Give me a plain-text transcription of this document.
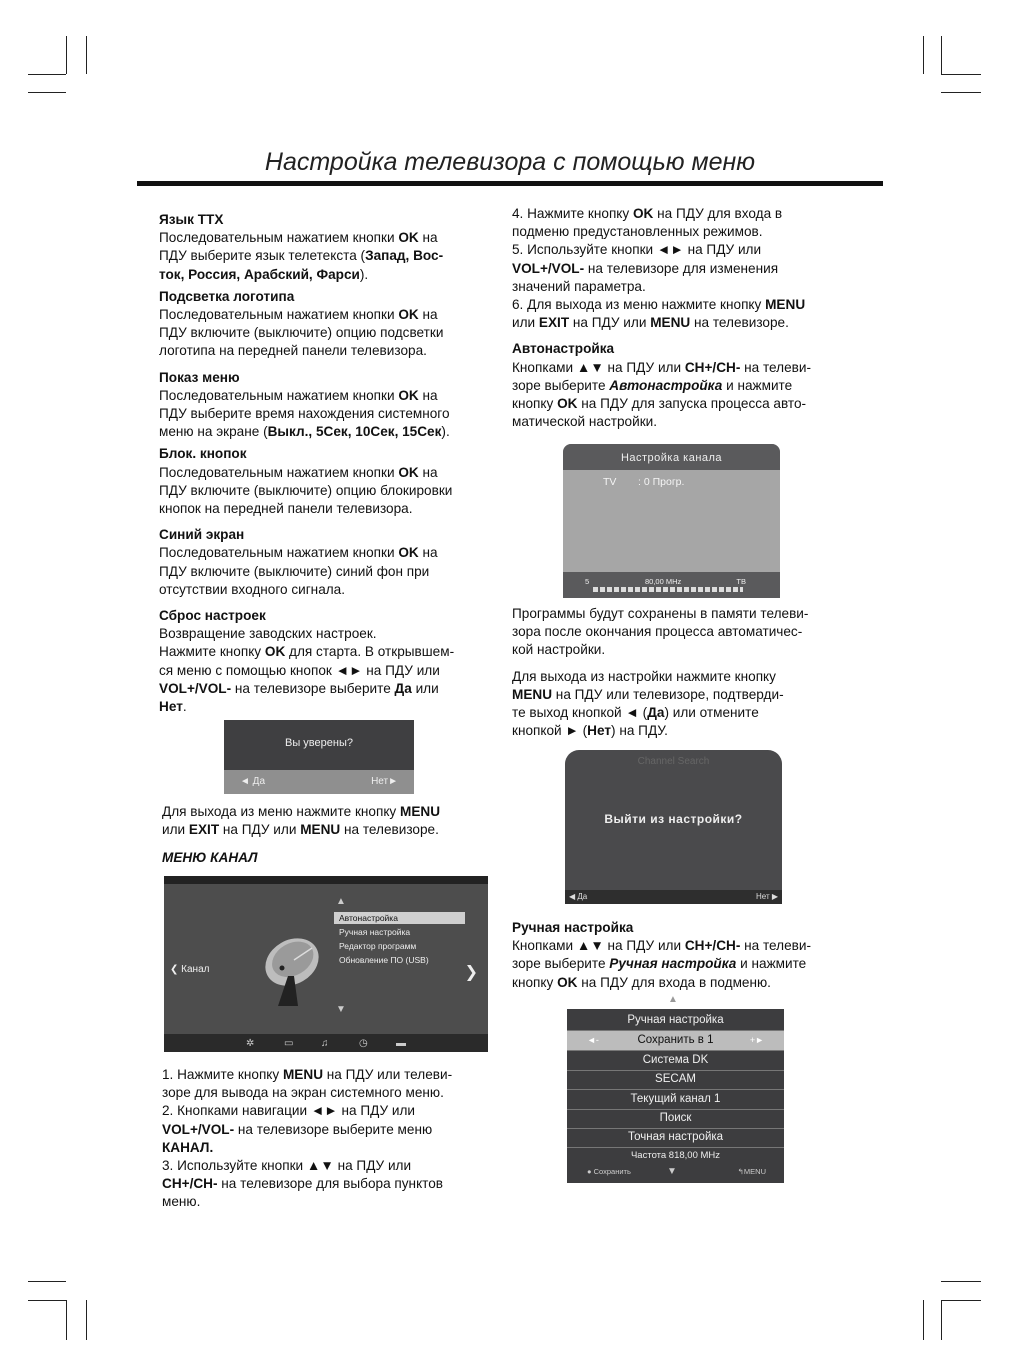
Настройка телевизора с помощью меню

Язык ТТХ

Последовательным нажатием кнопки OK на

ПДУ выберите язык телетекста (Запад, Вос-

ток, Россия, Арабский, Фарси).

Подсветка логотипа

Последовательным нажатием кнопки OK на

ПДУ включите (выключите) опцию подсветки

логотипа на передней панели телевизора.

Показ меню

Последовательным нажатием кнопки OK на

ПДУ выберите время нахождения системного

меню на экране (Выкл., 5Сек, 10Сек, 15Сек).

Блок. кнопок

Последовательным нажатием кнопки OK на

ПДУ включите (выключите) опцию блокировки

кнопок на передней панели телевизора.

Синий экран

Последовательным нажатием кнопки OK на

ПДУ включите (выключите) синий фон при

отсутствии входного сигнала.

Сброс настроек

Возвращение заводских настроек.

Нажмите кнопку OK для старта. В открывшем-

ся меню с помощью кнопок ◄► на ПДУ или

VOL+/VOL- на телевизоре выберите Да или

Нет.

Для выхода из меню нажмите кнопку MENU

или EXIT на ПДУ или MENU на телевизоре.

МЕНЮ КАНАЛ

1. Нажмите кнопку MENU на ПДУ или телеви-

зоре для вывода на экран системного меню.

2. Кнопками навигации ◄► на ПДУ или

VOL+/VOL- на телевизоре выберите меню

КАНАЛ.

3. Используйте кнопки ▲▼ на ПДУ или

CH+/CH- на телевизоре для выбора пунктов

меню.

4. Нажмите кнопку OK на ПДУ для входа в

подменю предустановленных режимов.

5. Используйте кнопки ◄► на ПДУ или

VOL+/VOL- на телевизоре для изменения

значений параметра.

6. Для выхода из меню нажмите кнопку MENU

или EXIT на ПДУ или MENU на телевизоре.

Автонастройка

Кнопками ▲▼ на ПДУ или CH+/CH- на телеви-

зоре выберите Автонастройка и нажмите

кнопку OK на ПДУ для запуска процесса авто-

матической настройки.

Программы будут сохранены в памяти телеви-

зора после окончания процесса автоматичес-

кой настройки.

Для выхода из настройки нажмите кнопку

MENU на ПДУ или телевизоре, подтверди-

те выход кнопкой ◄ (Да) или отмените

кнопкой ► (Нет) на ПДУ.

Ручная настройка

Кнопками ▲▼ на ПДУ или CH+/CH- на телеви-

зоре выберите Ручная настройка и нажмите

кнопку OK на ПДУ для входа в подменю.

Вы уверены?
◄ Да	Нет►
▲
Автонастройка
Ручная настройка
Редактор программ
Обновление ПО (USB)
▼
❮ Канал	❯
✲	▭	♫	◷	▬
Настройка канала
TV : 0 Прогр.
5	80,00 MHz	ТВ
Channel Search
Выйти из настройки?
◀ Да	Нет ▶
▲
Ручная настройка
◄-	Сохранить в 1	+►
Система DK
SECAM
Текущий канал 1
Поиск
Точная настройка
Частота 818,00 MHz
● Сохранить	▼	↰MENU
